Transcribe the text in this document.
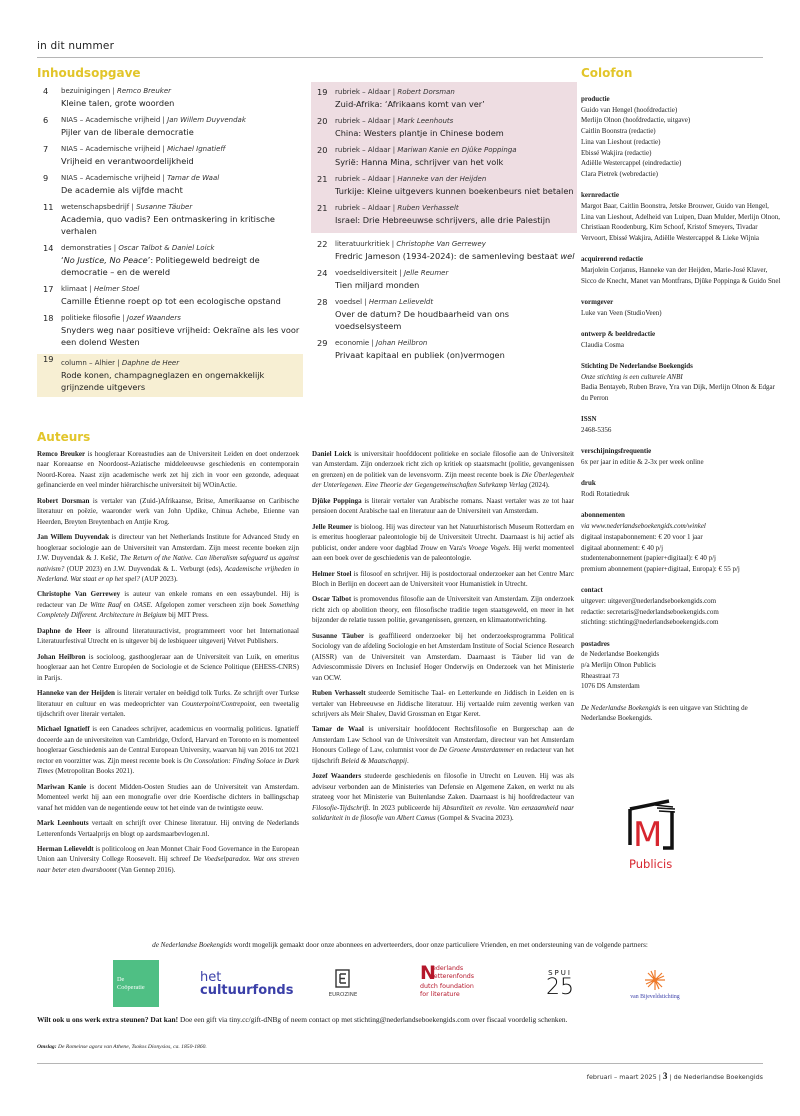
in dit nummer
Inhoudsopgave
4 bezuinigingen | Remco Breuker
Kleine talen, grote woorden
6 NIAS – Academische vrijheid | Jan Willem Duyvendak
Pijler van de liberale democratie
7 NIAS – Academische vrijheid | Michael Ignatieff
Vrijheid en verantwoordelijkheid
9 NIAS – Academische vrijheid | Tamar de Waal
De academie als vijfde macht
11 wetenschapsbedrijf | Susanne Täuber
Academia, quo vadis? Een ontmaskering in kritische verhalen
14 demonstraties | Oscar Talbot & Daniel Loick
‘No Justice, No Peace’: Politiegeweld bedreigt de democratie – en de wereld
17 klimaat | Helmer Stoel
Camille Étienne roept op tot een ecologische opstand
18 politieke filosofie | Jozef Waanders
Snyders weg naar positieve vrijheid: Oekraïne als les voor een dolend Westen
19 column – Alhier | Daphne de Heer
Rode konen, champagneglazen en ongemakkelijk grijnzende uitgevers
19 rubriek – Aldaar | Robert Dorsman
Zuid-Afrika: ‘Afrikaans komt van ver’
20 rubriek – Aldaar | Mark Leenhouts
China: Westers plantje in Chinese bodem
20 rubriek – Aldaar | Mariwan Kanie en Djûke Poppinga
Syrië: Hanna Mina, schrijver van het volk
21 rubriek – Aldaar | Hanneke van der Heijden
Turkije: Kleine uitgevers kunnen boekenbeurs niet betalen
21 rubriek – Aldaar | Ruben Verhasselt
Israel: Drie Hebreeuwse schrijvers, alle drie Palestijn
22 literatuurkritiek | Christophe Van Gerrewey
Fredric Jameson (1934-2024): de samenleving bestaat wel
24 voedseldiversiteit | Jelle Reumer
Tien miljard monden
28 voedsel | Herman Lelieveldt
Over de datum? De houdbaarheid van ons voedselsysteem
29 economie | Johan Heilbron
Privaat kapitaal en publiek (on)vermogen
Colofon
productie
Guido van Hengel (hoofdredactie)
Merlijn Olnon (hoofdredactie, uitgave)
Caitlin Boonstra (redactie)
Lina van Lieshout (redactie)
Ebissé Wakjira (redactie)
Adiëlle Westercappel (eindredactie)
Clara Pietrek (webredactie)
kernredactie
Margot Baar, Caitlin Boonstra, Jetske Brouwer, Guido van Hengel, Lina van Lieshout, Adelheid van Luipen, Daan Mulder, Merlijn Olnon, Christiaan Roodenburg, Kim Schoof, Kristof Smeyers, Tivadar Vervoort, Ebissé Wakjira, Adiëlle Westercappel & Lieke Wijnia
acquirerend redactie
Marjolein Corjanus, Hanneke van der Heijden, Marie-José Klaver, Sicco de Knecht, Manet van Montfrans, Djûke Poppinga & Guido Snel
vormgever
Luke van Veen (StudioVeen)
ontwerp & beeldredactie
Claudia Cosma
Stichting De Nederlandse Boekengids
Onze stichting is een culturele ANBI
Badia Bentayeb, Ruben Brave, Yra van Dijk, Merlijn Olnon & Edgar du Perron
ISSN
2468-5356
verschijningsfrequentie
6x per jaar in editie & 2-3x per week online
druk
Rodi Rotatiedruk
abonnementen
via www.nederlandseboekengids.com/winkel
digitaal instapabonnement: € 20 voor 1 jaar
digitaal abonnement: € 40 p/j
studentenabonnement (papier+digitaal): € 40 p/j
premium abonnement (papier+digitaal, Europa): € 55 p/j
contact
uitgever: uitgever@nederlandseboekengids.com
redactie: secretaris@nederlandseboekengids.com
stichting: stichting@nederlandseboekengids.com
postadres
de Nederlandse Boekengids
p/a Merlijn Olnon Publicis
Rheastraat 73
1076 DS Amsterdam
De Nederlandse Boekengids is een uitgave van Stichting de Nederlandse Boekengids.
M
Publicis
Auteurs

Remco Breuker is hoogleraar Koreastudies aan de Universiteit Leiden en doet onderzoek naar Koreaanse en Noordoost-Aziatische middeleeuwse geschiedenis en contemporain Noord-Korea. Naast zijn academische werk zet hij zich in voor een gezonde, adequaat gefinancierde en veel minder hiërarchische universiteit bij WOinActie.

Robert Dorsman is vertaler van (Zuid-)Afrikaanse, Britse, Amerikaanse en Caribische literatuur en poëzie, waaronder werk van John Updike, Chinua Achebe, Etienne van Heerden, Breyten Breytenbach en Antjie Krog.

Jan Willem Duyvendak is directeur van het Netherlands Institute for Advanced Study en hoogleraar sociologie aan de Universiteit van Amsterdam. Zijn meest recente boeken zijn J.W. Duyvendak & J. Kešić, The Return of the Native. Can liberalism safeguard us against nativism? (OUP 2023) en J.W. Duyvendak & L. Verburgt (eds), Academische vrijheden in Nederland. Wat staat er op het spel? (AUP 2023).

Christophe Van Gerrewey is auteur van enkele romans en een essaybundel. Hij is redacteur van De Witte Raaf en OASE. Afgelopen zomer verscheen zijn boek Something Completely Different. Architecture in Belgium bij MIT Press.

Daphne de Heer is allround literatuuractivist, programmeert voor het Internationaal Literatuurfestival Utrecht en is uitgever bij de lesbiqueer uitgeverij Velvet Publishers.

Johan Heilbron is socioloog, gasthoogleraar aan de Universiteit van Luik, en emeritus hoogleraar aan het Centre Européen de Sociologie et de Science Politique (EHESS-CNRS) in Parijs.

Hanneke van der Heijden is literair vertaler en beëdigd tolk Turks. Ze schrijft over Turkse literatuur en cultuur en was medeoprichter van Counterpoint/Contrepoint, een tweetalig tijdschrift over literair vertalen.

Michael Ignatieff is een Canadees schrijver, academicus en voormalig politicus. Ignatieff doceerde aan de universiteiten van Cambridge, Oxford, Harvard en Toronto en is momenteel hoogleraar Geschiedenis aan de Central European University, waarvan hij van 2016 tot 2021 rector en voorzitter was. Zijn meest recente boek is On Consolation: Finding Solace in Dark Times (Metropolitan Books 2021).

Mariwan Kanie is docent Midden-Oosten Studies aan de Universiteit van Amsterdam. Momenteel werkt hij aan een monografie over drie Koerdische dichters in ballingschap vanaf het midden van de negentiende eeuw tot het einde van de twintigste eeuw.

Mark Leenhouts vertaalt en schrijft over Chinese literatuur. Hij ontving de Nederlands Letterenfonds Vertaalprijs en blogt op aardsmaarbevlogen.nl.

Herman Lelieveldt is politicoloog en Jean Monnet Chair Food Governance in the European Union aan University College Roosevelt. Hij schreef De Voedselparadox. Wat ons streven naar beter eten dwarsboomt (Van Gennep 2016).

Daniel Loick is universitair hoofddocent politieke en sociale filosofie aan de Universiteit van Amsterdam. Zijn onderzoek richt zich op kritiek op staatsmacht (politie, gevangenissen en grenzen) en de politiek van de levensvorm. Zijn meest recente boek is Die Überlegenheit der Unterlegenen. Eine Theorie der Gegengemeinschaften Suhrkamp Verlag (2024).

Djûke Poppinga is literair vertaler van Arabische romans. Naast vertaler was ze tot haar pensioen docent Arabische taal en literatuur aan de Universiteit van Amsterdam.

Jelle Reumer is bioloog. Hij was directeur van het Natuurhistorisch Museum Rotterdam en is emeritus hoogleraar paleontologie bij de Universiteit Utrecht. Daarnaast is hij actief als publicist, onder andere voor dagblad Trouw en Vara's Vroege Vogels. Hij werkt momenteel aan een boek over de geschiedenis van de paleontologie.

Helmer Stoel is filosoof en schrijver. Hij is postdoctoraal onderzoeker aan het Centre Marc Bloch in Berlijn en doceert aan de Universiteit voor Humanistiek in Utrecht.

Oscar Talbot is promovendus filosofie aan de Universiteit van Amsterdam. Zijn onderzoek richt zich op abolition theory, een filosofische traditie tegen staatsgeweld, en meer in het bijzonder de relatie tussen politie, gevangenissen, grenzen, en klimaatontwrichting.

Susanne Täuber is geaffilieerd onderzoeker bij het onderzoeksprogramma Political Sociology van de afdeling Sociologie en het Amsterdam Institute of Social Science Research (AISSR) van de Universiteit van Amsterdam. Daarnaast is Täuber lid van de Adviescommissie Divers en Inclusief Hoger Onderwijs en Onderzoek van het Ministerie van OCW.

Ruben Verhasselt studeerde Semitische Taal- en Letterkunde en Jiddisch in Leiden en is vertaler van Hebreeuwse en Jiddische literatuur. Hij vertaalde ruim zeventig werken van schrijvers als Meir Shalev, David Grossman en Etgar Keret.

Tamar de Waal is universitair hoofddocent Rechtsfilosofie en Burgerschap aan de Amsterdam Law School van de Universiteit van Amsterdam, directeur van het Amsterdam Honours College of Law, columnist voor de De Groene Amsterdammer en redacteur van het tijdschrift Beleid & Maatschappij.

Jozef Waanders studeerde geschiedenis en filosofie in Utrecht en Leuven. Hij was als adviseur verbonden aan de Ministeries van Defensie en Algemene Zaken, en werkt nu als strateeg voor het Ministerie van Buitenlandse Zaken. Daarnaast is hij hoofdredacteur van Filosofie-Tijdschrift. In 2023 publiceerde hij Absurditeit en revolte. Van eenzaamheid naar solidariteit in de filosofie van Albert Camus (Gompel & Svacina 2023).

de Nederlandse Boekengids wordt mogelijk gemaakt door onze abonnees en adverteerders, door onze particuliere Vrienden, en met ondersteuning van de volgende partners:
De
Coöperatie
het
cultuurfonds	EUROZINE
N
ederlands
letterenfonds
dutch foundation
for literature
SPUI
25	van Bijeveldstichting
Wilt ook u ons werk extra steunen? Dat kan! Doe een gift via tiny.cc/gift-dNBg of neem contact op met stichting@nederlandseboekengids.com over fiscaal voordelig schenken.
Omslag: De Romeinse agora van Athene, Tsokos Dionysios, ca. 1850-1860.
februari – maart 2025 | 3 | de Nederlandse Boekengids
